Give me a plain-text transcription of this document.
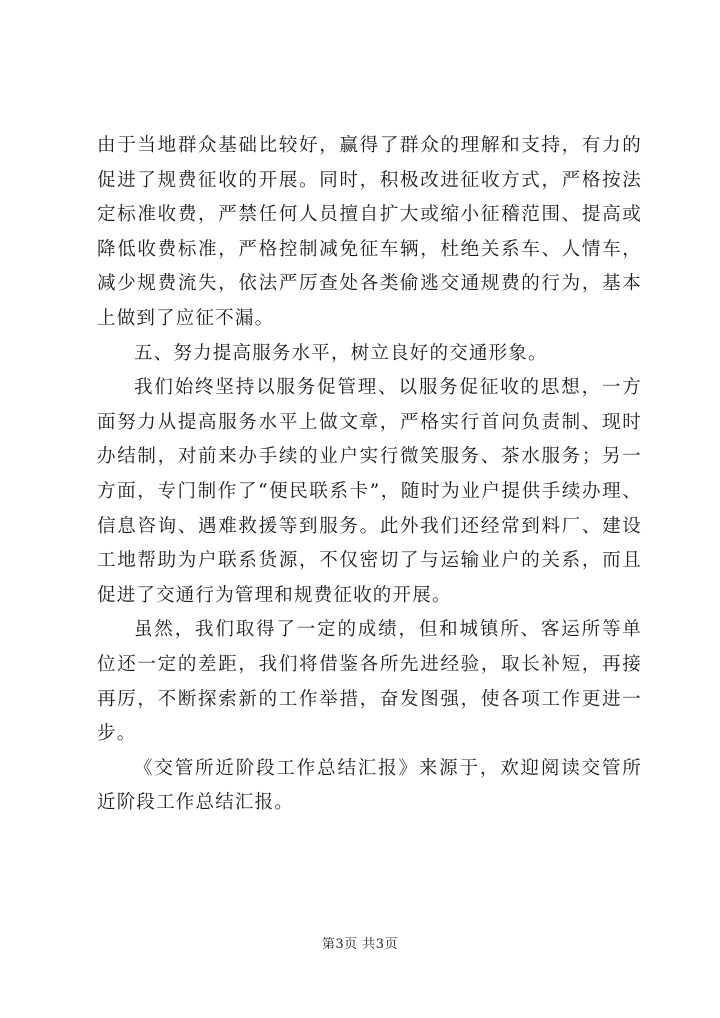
由于当地群众基础比较好，赢得了群众的理解和支持，有力的促进了规费征收的开展。同时，积极改进征收方式，严格按法定标准收费，严禁任何人员擅自扩大或缩小征稽范围、提高或降低收费标准，严格控制减免征车辆，杜绝关系车、人情车，减少规费流失，依法严厉查处各类偷逃交通规费的行为，基本上做到了应征不漏。

五、努力提高服务水平，树立良好的交通形象。

我们始终坚持以服务促管理、以服务促征收的思想，一方面努力从提高服务水平上做文章，严格实行首问负责制、现时办结制，对前来办手续的业户实行微笑服务、茶水服务；另一方面，专门制作了“便民联系卡”，随时为业户提供手续办理、信息咨询、遇难救援等到服务。此外我们还经常到料厂、建设工地帮助为户联系货源，不仅密切了与运输业户的关系，而且促进了交通行为管理和规费征收的开展。

虽然，我们取得了一定的成绩，但和城镇所、客运所等单位还一定的差距，我们将借鉴各所先进经验，取长补短，再接再厉，不断探索新的工作举措，奋发图强，使各项工作更进一步。

《交管所近阶段工作总结汇报》来源于，欢迎阅读交管所近阶段工作总结汇报。

第3页 共3页
